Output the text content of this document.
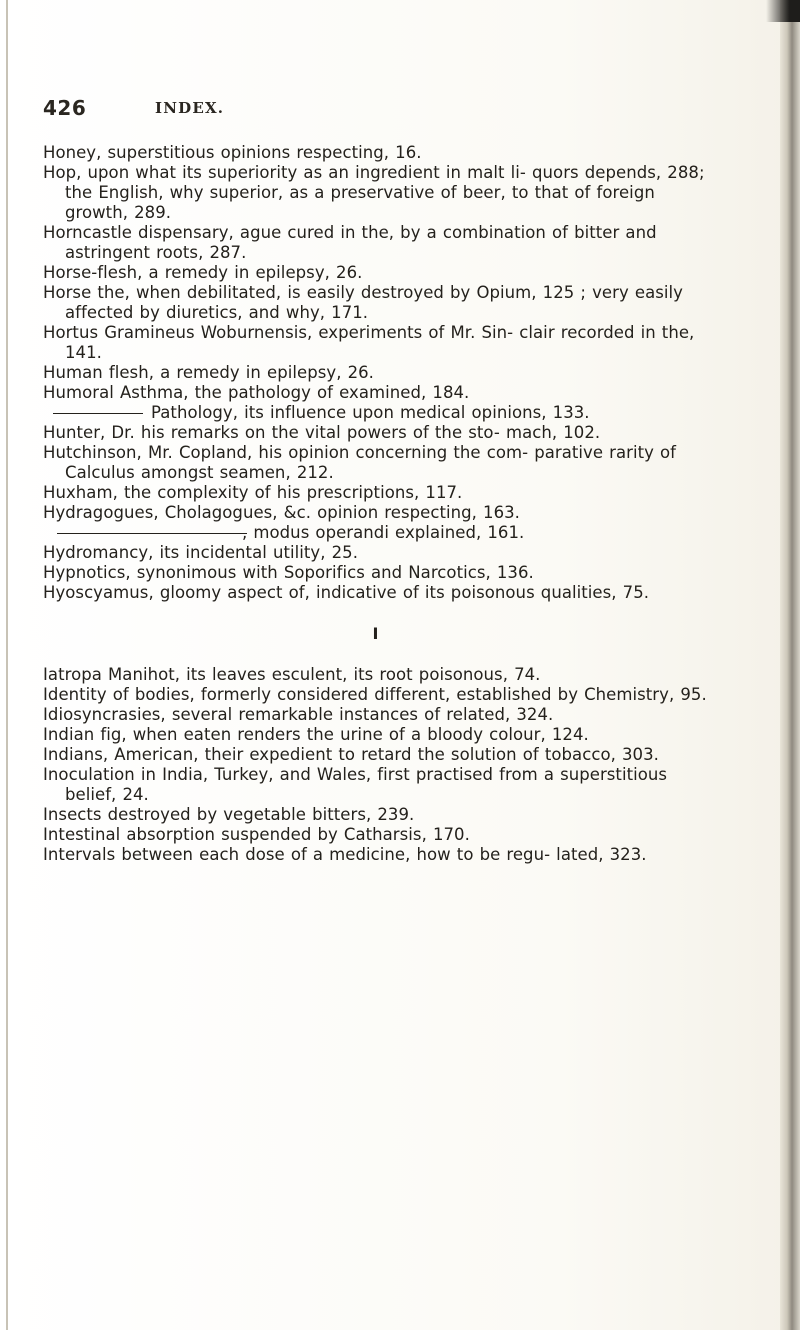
426	INDEX.

Honey, superstitious opinions respecting, 16.

Hop, upon what its superiority as an ingredient in malt li- quors depends, 288; the English, why superior, as a preservative of beer, to that of foreign growth, 289.

Horncastle dispensary, ague cured in the, by a combination of bitter and astringent roots, 287.

Horse-flesh, a remedy in epilepsy, 26.

Horse the, when debilitated, is easily destroyed by Opium, 125 ; very easily affected by diuretics, and why, 171.

Hortus Gramineus Woburnensis, experiments of Mr. Sin- clair recorded in the, 141.

Human flesh, a remedy in epilepsy, 26.

Humoral Asthma, the pathology of examined, 184.

Pathology, its influence upon medical opinions, 133.

Hunter, Dr. his remarks on the vital powers of the sto- mach, 102.

Hutchinson, Mr. Copland, his opinion concerning the com- parative rarity of Calculus amongst seamen, 212.

Huxham, the complexity of his prescriptions, 117.

Hydragogues, Cholagogues, &c. opinion respecting, 163.

, modus operandi explained, 161.

Hydromancy, its incidental utility, 25.

Hypnotics, synonimous with Soporifics and Narcotics, 136.

Hyoscyamus, gloomy aspect of, indicative of its poisonous qualities, 75.

I

Iatropa Manihot, its leaves esculent, its root poisonous, 74.

Identity of bodies, formerly considered different, established by Chemistry, 95.

Idiosyncrasies, several remarkable instances of related, 324.

Indian fig, when eaten renders the urine of a bloody colour, 124.

Indians, American, their expedient to retard the solution of tobacco, 303.

Inoculation in India, Turkey, and Wales, first practised from a superstitious belief, 24.

Insects destroyed by vegetable bitters, 239.

Intestinal absorption suspended by Catharsis, 170.

Intervals between each dose of a medicine, how to be regu- lated, 323.
